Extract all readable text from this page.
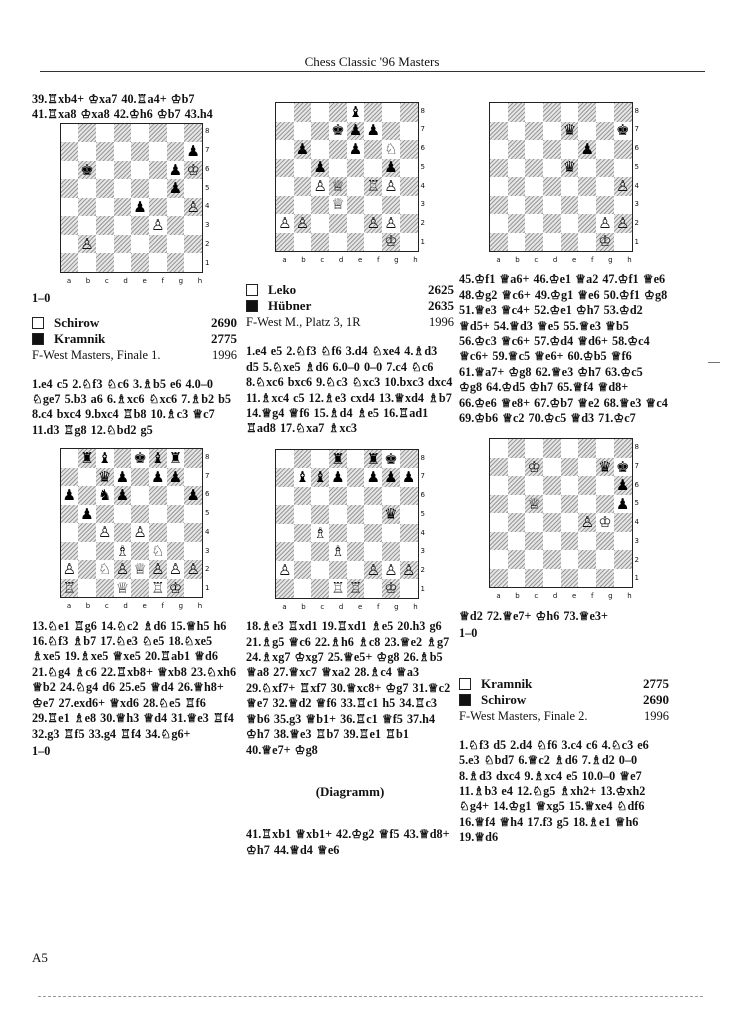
Chess Classic '96 Masters
39.♖xb4+ ♔xa7 40.♖a4+ ♔b7 41.♖xa8 ♔xa8 42.♔h6 ♔b7 43.h4
♟
♚	♟ ♔
♟
♟	♙
♙
♙
8
7
6
5
4
3
2
1
a b c d e f g h
1–0
Schirow	2690
Kramnik	2775
F-West Masters, Finale 1.	1996
1.e4 c5 2.♘f3 ♘c6 3.♗b5 e6 4.0–0 ♘ge7 5.b3 a6 6.♗xc6 ♘xc6 7.♗b2 b5 8.c4 bxc4 9.bxc4 ♖b8 10.♗c3 ♕c7 11.d3 ♖g8 12.♘bd2 g5
♜ ♝ ♚ ♝ ♜
♛ ♟ ♟ ♟
♟ ♞ ♟	♟
♟
♙ ♙
♗ ♘
♙ ♘ ♙ ♕ ♙ ♙ ♙
♖	♕ ♖ ♔
8
7
6
5
4
3
2
1
a b c d e f g h
13.♘e1 ♖g6 14.♘c2 ♗d6 15.♕h5 h6 16.♘f3 ♗b7 17.♘e3 ♘e5 18.♘xe5 ♗xe5 19.♗xe5 ♕xe5 20.♖ab1 ♕d6 21.♘g4 ♗c6 22.♖xb8+ ♕xb8 23.♘xh6 ♕b2 24.♘g4 d6 25.e5 ♕d4 26.♕h8+ ♔e7 27.exd6+ ♕xd6 28.♘e5 ♖f6 29.♖e1 ♗e8 30.♕h3 ♕d4 31.♕e3 ♖f4 32.g3 ♖f5 33.g4 ♖f4 34.♘g6+
1–0
♝
♚ ♟ ♟
♟	♟ ♘
♟	♟
♙ ♕ ♖ ♙
♕
♙ ♙	♙ ♙
♔
8
7
6
5
4
3
2
1
a b c d e f g h
Leko	2625
Hübner	2635
F-West M., Platz 3, 1R	1996
1.e4 e5 2.♘f3 ♘f6 3.d4 ♘xe4 4.♗d3 d5 5.♘xe5 ♗d6 6.0–0 0–0 7.c4 ♘c6 8.♘xc6 bxc6 9.♘c3 ♘xc3 10.bxc3 dxc4 11.♗xc4 c5 12.♗e3 cxd4 13.♕xd4 ♗b7 14.♕g4 ♕f6 15.♗d4 ♗e5 16.♖ad1 ♖ad8 17.♘xa7 ♗xc3
♜ ♜ ♚
♝ ♝ ♟ ♟ ♟ ♟
♛
♗
♗
♙	♙ ♙ ♙
♖ ♖ ♔
8
7
6
5
4
3
2
1
a b c d e f g h
18.♗e3 ♖xd1 19.♖xd1 ♗e5 20.h3 g6 21.♗g5 ♕c6 22.♗h6 ♗c8 23.♕e2 ♗g7 24.♗xg7 ♔xg7 25.♕e5+ ♔g8 26.♗b5 ♕a8 27.♕xc7 ♕xa2 28.♗c4 ♕a3 29.♘xf7+ ♖xf7 30.♕xc8+ ♔g7 31.♕c2 ♕e7 32.♕d2 ♕f6 33.♖c1 h5 34.♖c3 ♕b6 35.g3 ♕b1+ 36.♖c1 ♕f5 37.h4 ♔h7 38.♕e3 ♖b7 39.♖e1 ♖b1 40.♕e7+ ♔g8
(Diagramm)
41.♖xb1 ♕xb1+ 42.♔g2 ♕f5 43.♕d8+ ♔h7 44.♕d4 ♕e6
♛	♚
♟
♛
♙
♙ ♙
♔
8
7
6
5
4
3
2
1
a b c d e f g h
45.♔f1 ♕a6+ 46.♔e1 ♕a2 47.♔f1 ♕e6 48.♔g2 ♕c6+ 49.♔g1 ♕e6 50.♔f1 ♔g8 51.♕e3 ♕c4+ 52.♔e1 ♔h7 53.♔d2 ♕d5+ 54.♕d3 ♕e5 55.♕e3 ♕b5 56.♔c3 ♕c6+ 57.♔d4 ♕d6+ 58.♔c4 ♕c6+ 59.♕c5 ♕e6+ 60.♔b5 ♕f6 61.♕a7+ ♔g8 62.♕e3 ♔h7 63.♔c5 ♔g8 64.♔d5 ♔h7 65.♕f4 ♕d8+ 66.♔e6 ♕e8+ 67.♔b7 ♕e2 68.♕e3 ♕c4 69.♔b6 ♕c2 70.♔c5 ♕d3 71.♔c7
♔	♛ ♚
♟
♕	♟
♙ ♔
8
7
6
5
4
3
2
1
a b c d e f g h
♕d2 72.♕e7+ ♔h6 73.♕e3+
1–0
Kramnik	2775
Schirow	2690
F-West Masters, Finale 2.	1996
1.♘f3 d5 2.d4 ♘f6 3.c4 c6 4.♘c3 e6 5.e3 ♘bd7 6.♕c2 ♗d6 7.♗d2 0–0 8.♗d3 dxc4 9.♗xc4 e5 10.0–0 ♕e7 11.♗b3 e4 12.♘g5 ♗xh2+ 13.♔xh2 ♘g4+ 14.♔g1 ♕xg5 15.♕xe4 ♘df6 16.♕f4 ♕h4 17.f3 g5 18.♗e1 ♕h6 19.♕d6
—
A5
